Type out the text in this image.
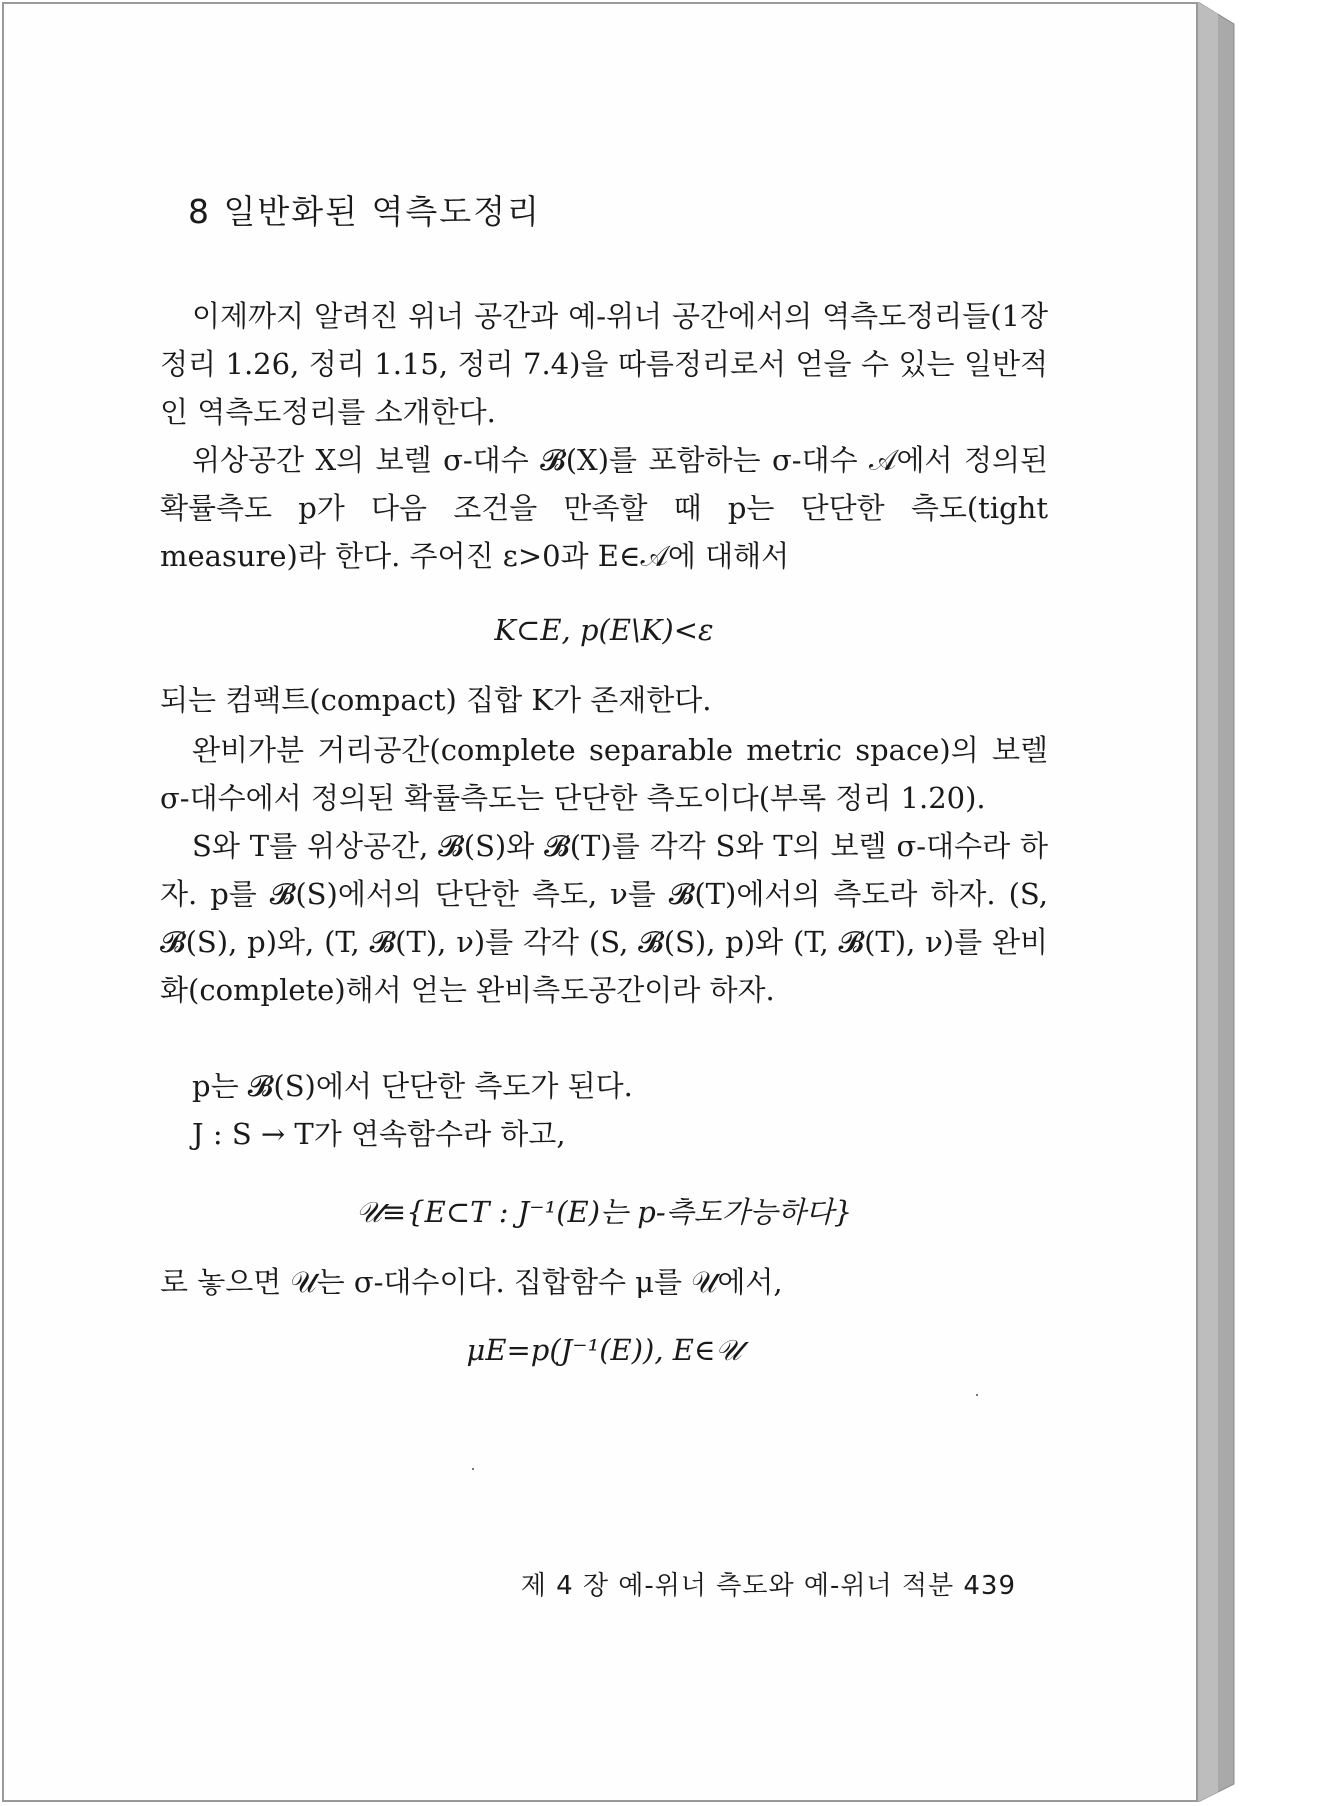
8 일반화된 역측도정리

이제까지 알려진 위너 공간과 예-위너 공간에서의 역측도정리들(1장 정리 1.26, 정리 1.15, 정리 7.4)을 따름정리로서 얻을 수 있는 일반적인 역측도정리를 소개한다.

위상공간 X의 보렐 σ-대수 𝓑(X)를 포함하는 σ-대수 𝒜에서 정의된 확률측도 p가 다음 조건을 만족할 때 p는 단단한 측도(tight measure)라 한다. 주어진 ε>0과 E∈𝒜에 대해서

K⊂E, p(E\K)<ε

되는 컴팩트(compact) 집합 K가 존재한다.

완비가분 거리공간(complete separable metric space)의 보렐 σ-대수에서 정의된 확률측도는 단단한 측도이다(부록 정리 1.20).

S와 T를 위상공간, 𝓑(S)와 𝓑(T)를 각각 S와 T의 보렐 σ-대수라 하자. p를 𝓑(S)에서의 단단한 측도, ν를 𝓑(T)에서의 측도라 하자. (S, 𝓑(S), p)와, (T, 𝓑(T), ν)를 각각 (S, 𝓑(S), p)와 (T, 𝓑(T), ν)를 완비화(complete)해서 얻는 완비측도공간이라 하자.

p는 𝓑(S)에서 단단한 측도가 된다.

J : S → T가 연속함수라 하고,

𝒰≡{E⊂T : J⁻¹(E)는 p-측도가능하다}

로 놓으면 𝒰는 σ-대수이다. 집합함수 μ를 𝒰에서,

μE=p(J⁻¹(E)), E∈𝒰
제 4 장 예-위너 측도와 예-위너 적분 439
